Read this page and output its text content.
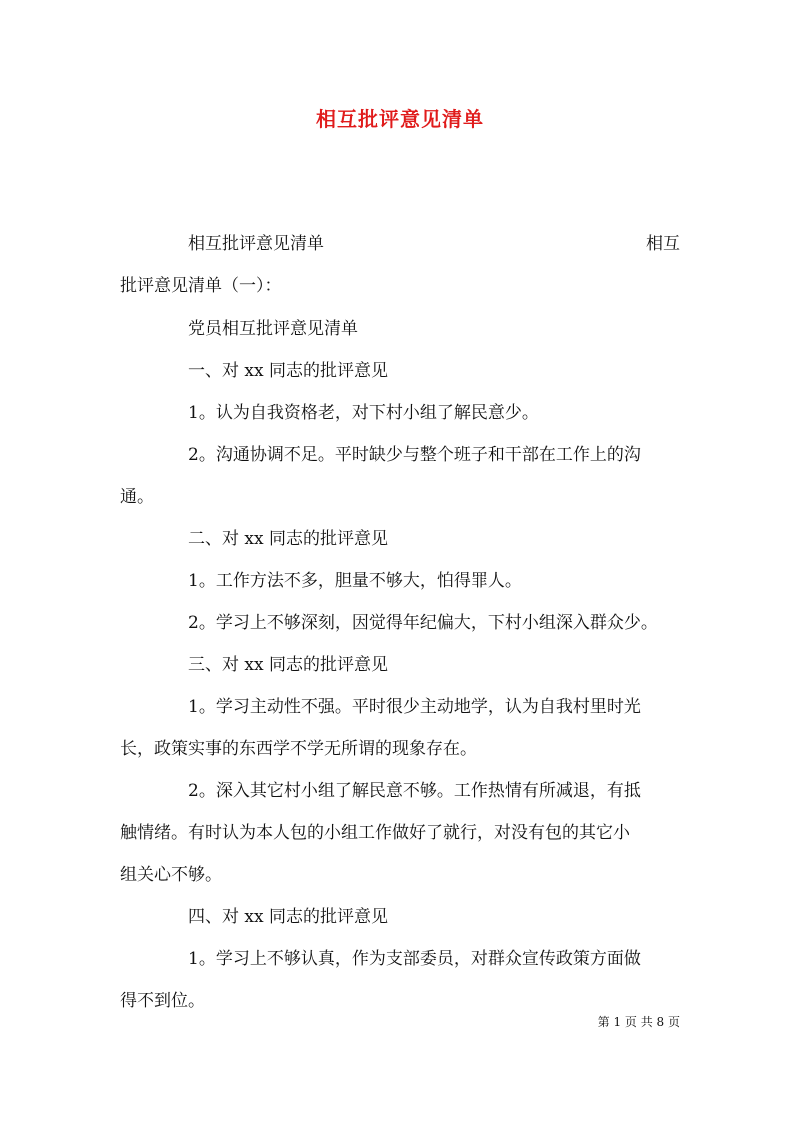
相互批评意见清单
相互批评意见清单	相互
批评意见清单（一）：
党员相互批评意见清单
一、对 xx 同志的批评意见
1。认为自我资格老，对下村小组了解民意少。
2。沟通协调不足。平时缺少与整个班子和干部在工作上的沟
通。
二、对 xx 同志的批评意见
1。工作方法不多，胆量不够大，怕得罪人。
2。学习上不够深刻，因觉得年纪偏大，下村小组深入群众少。
三、对 xx 同志的批评意见
1。学习主动性不强。平时很少主动地学，认为自我村里时光
长，政策实事的东西学不学无所谓的现象存在。
2。深入其它村小组了解民意不够。工作热情有所减退，有抵
触情绪。有时认为本人包的小组工作做好了就行，对没有包的其它小
组关心不够。
四、对 xx 同志的批评意见
1。学习上不够认真，作为支部委员，对群众宣传政策方面做
得不到位。
第 1 页 共 8 页
